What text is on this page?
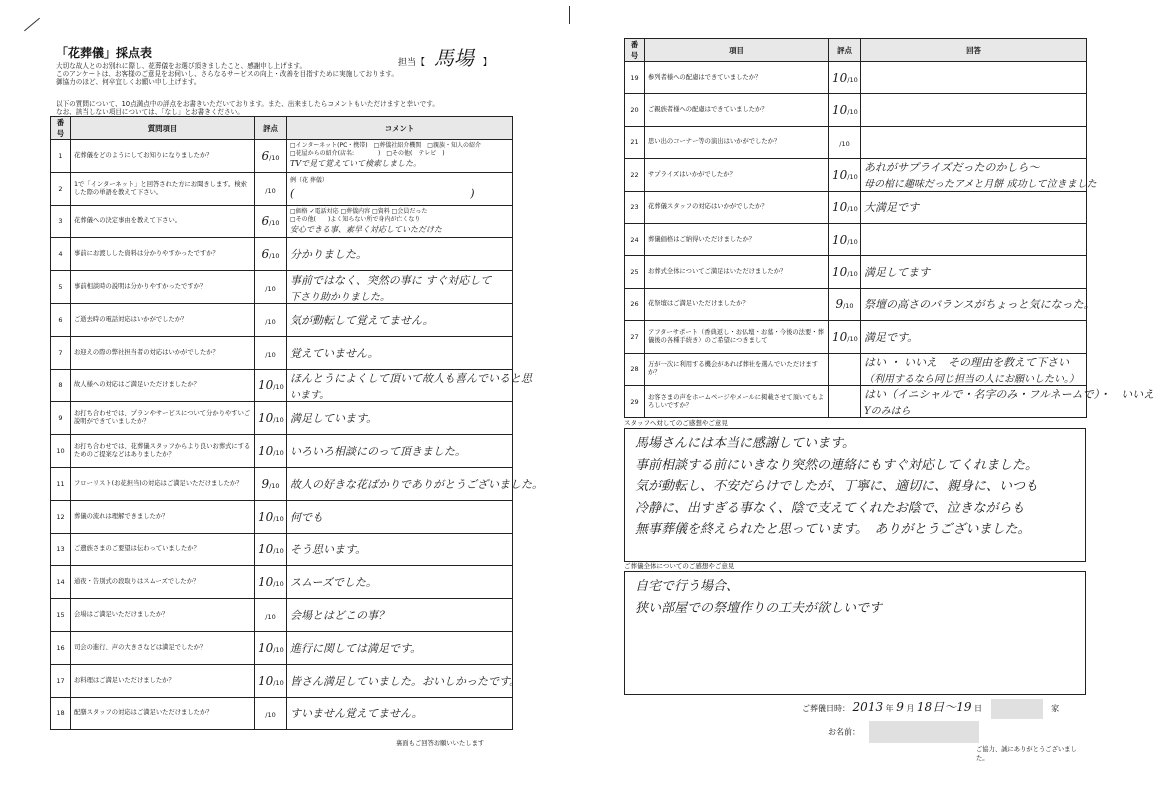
「花葬儀」採点表
担当【 馬場 】

大切な故人とのお別れに際し、花葬儀をお選び頂きましたこと、感謝申し上げます。

このアンケートは、お客様のご意見をお伺いし、さらなるサービスの向上・改善を目指すために実施しております。

御協力のほど、何卒宜しくお願い申し上げます。

以下の質問について、10点満点中の評点をお書きいただいております。また、出来ましたらコメントもいただけますと幸いです。

なお、該当しない項目については、「なし」とお書きください。

番号	質問項目	評点	コメント
1	花葬儀をどのようにしてお知りになりましたか？	6/10	□インターネット(PC・携帯)　□葬儀社紹介機関　□親族・知人の紹介
□花屋からの紹介(店名:　　　　)　□その他(　テレビ　)
TVで見て覚えていて検索しました。

2	1で「インターネット」と回答された方にお聞きします。検索した際の単語を教えて下さい。	/10	例（花 葬儀）
(　　　　　　　　　　　　　　　　)

3	花葬儀への決定事由を教えて下さい。	6/10	□価格 ✓電話対応 □葬儀内容 □資料 □会員だった
□その他(　　)よく知らない所で身内が亡くなり
安心できる事、素早く対応していただけた

4	事前にお渡しした資料は分かりやすかったですか？	6/10	分かりました。

5	事前相談時の説明は分かりやすかったですか？	/10	事前ではなく、突然の事に すぐ対応して
下さり助かりました。

6	ご逝去時の電話対応はいかがでしたか？	/10	気が動転して覚えてません。

7	お迎えの際の弊社担当者の対応はいかがでしたか？	/10	覚えていません。

8	故人様への対応はご満足いただけましたか？	10/10	ほんとうによくして頂いて故人も喜んでいると思
います。

9	お打ち合わせでは、プランやサービスについて分かりやすいご説明ができていましたか？	10/10	満足しています。

10	お打ち合わせでは、花葬儀スタッフからより良いお葬式にするためのご提案などはありましたか？	10/10	いろいろ相談にのって頂きました。

11	フローリスト(お花担当)の対応はご満足いただけましたか？	9/10	故人の好きな花ばかりでありがとうございました。

12	葬儀の流れは理解できましたか？	10/10	何でも

13	ご遺族さまのご要望は伝わっていましたか？	10/10	そう思います。

14	通夜・告別式の段取りはスムーズでしたか？	10/10	スムーズでした。

15	会場はご満足いただけましたか？	/10	会場とはどこの事？

16	司会の進行、声の大きさなどは満足でしたか？	10/10	進行に関しては満足です。

17	お料理はご満足いただけましたか？	10/10	皆さん満足していました。おいしかったです。

18	配膳スタッフの対応はご満足いただけましたか？	/10	すいません覚えてません。
裏面もご回答お願いいたします
番号	項目	評点	回答
19	参列者様への配慮はできていましたか？	10/10	
20	ご親族者様への配慮はできていましたか？	10/10	
21	思い出のコーナー等の演出はいかがでしたか？	/10	
22	サプライズはいかがでしたか？	10/10	あれがサプライズだったのかしら〜
母の棺に趣味だったアメと月餅 成功して泣きました

23	花葬儀スタッフの対応はいかがでしたか？	10/10	大満足です

24	葬儀価格はご納得いただけましたか？	10/10	
25	お葬式全体についてご満足はいただけましたか？	10/10	満足してます

26	花祭壇はご満足いただけましたか？	9/10	祭壇の高さのバランスがちょっと気になった。

27	アフターサポート（香典返し・お仏壇・お墓・今後の法要・葬儀後の各種手続き）のご希望につきまして	10/10	満足です。

28	万が一次に利用する機会があれば葬社を選んでいただけますか？		はい ・ いいえ　その理由を教えて下さい
（利用するなら同じ担当の人にお願いしたい。）

29	お客さまの声をホームページやメールに掲載させて頂いてもよろしいですか？		はい（イニシャルで・名字のみ・フルネームで）・　いいえ
Yのみはら
スタッフへ対してのご感想やご意見
馬場さんには本当に感謝しています。
事前相談する前にいきなり突然の連絡にもすぐ対応してくれました。
気が動転し、不安だらけでしたが、丁寧に、適切に、親身に、いつも
冷静に、出すぎる事なく、陰で支えてくれたお陰で、泣きながらも
無事葬儀を終えられたと思っています。　ありがとうございました。
ご葬儀全体についてのご感想やご意見
自宅で行う場合、
狭い部屋での祭壇作りの工夫が欲しいです
ご葬儀日時： 2013 年 9 月 18日〜19 日	家
お名前：
ご協力、誠にありがとうございました。
